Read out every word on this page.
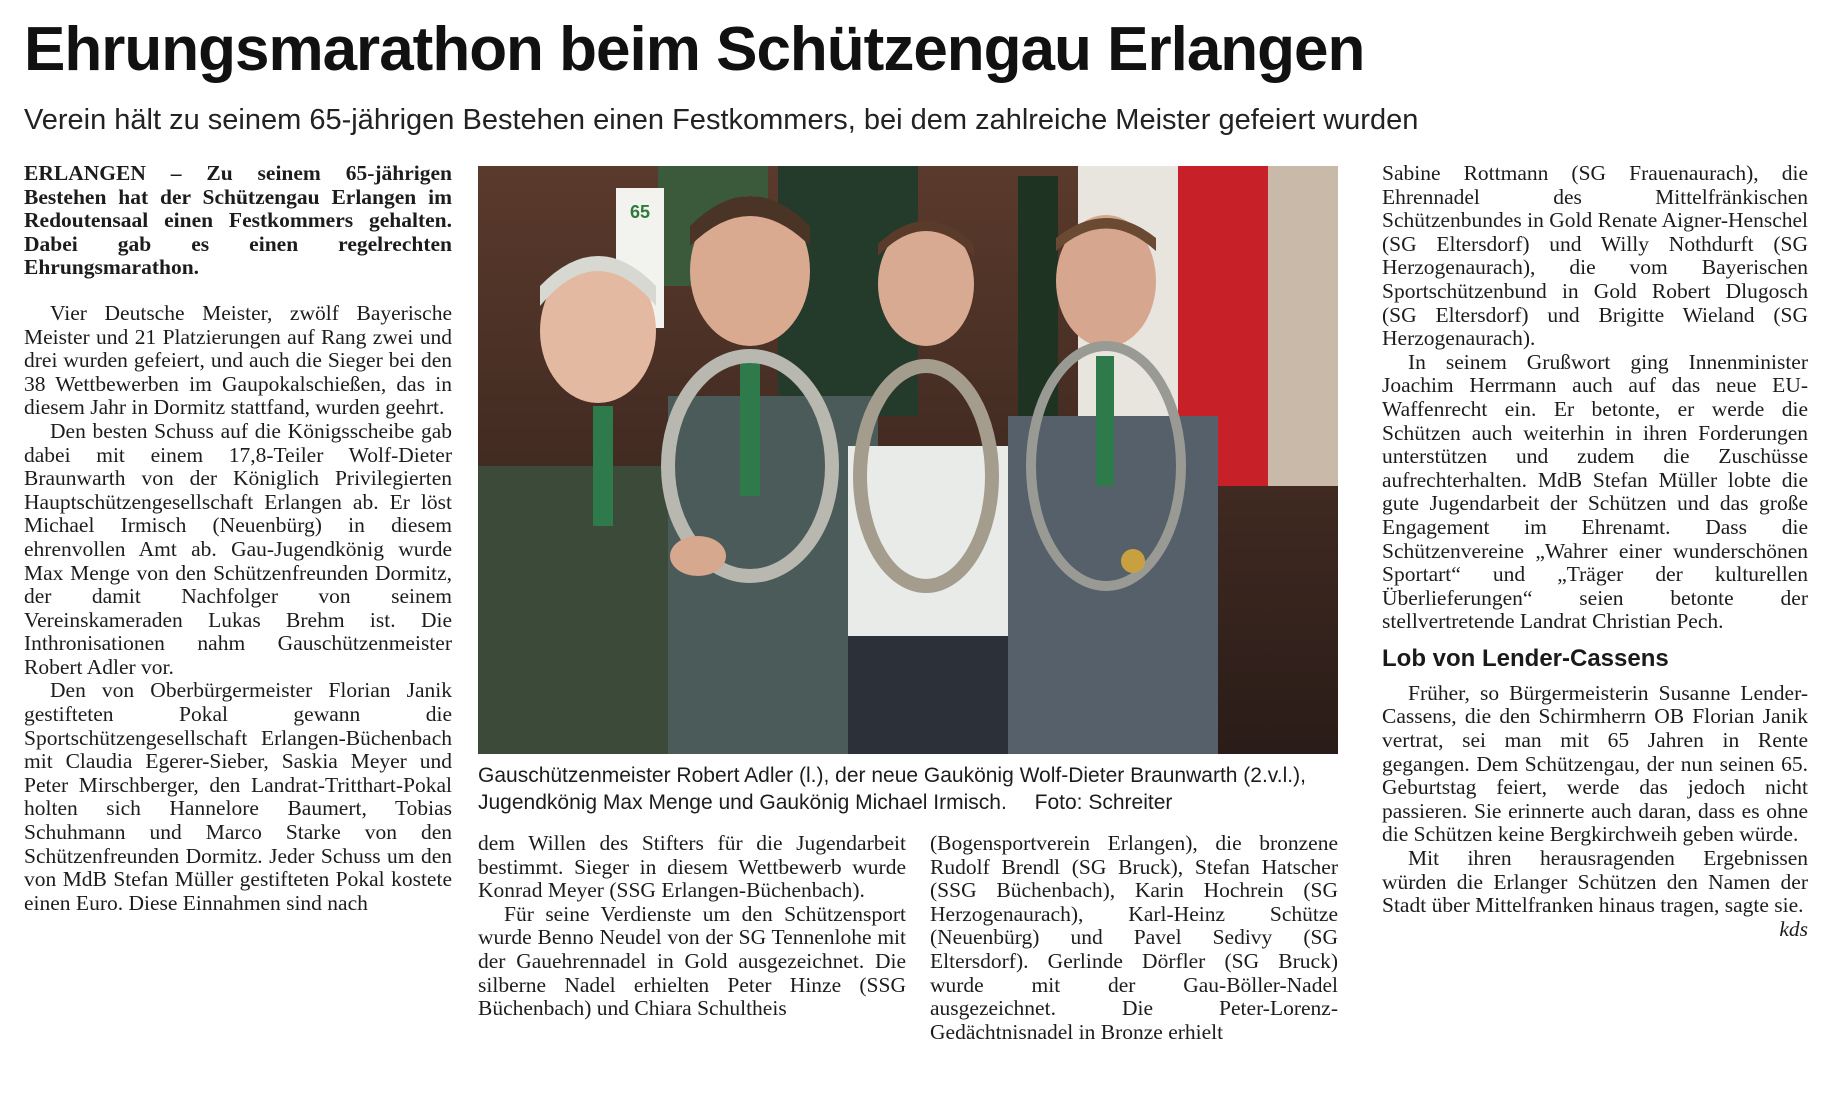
Ehrungsmarathon beim Schützengau Erlangen
Verein hält zu seinem 65-jährigen Bestehen einen Festkommers, bei dem zahlreiche Meister gefeiert wurden

ERLANGEN – Zu seinem 65-jährigen Bestehen hat der Schützengau Erlangen im Redoutensaal einen Festkommers gehalten. Dabei gab es einen regelrechten Ehrungsmarathon.

Vier Deutsche Meister, zwölf Bayerische Meister und 21 Platzierungen auf Rang zwei und drei wurden gefeiert, und auch die Sieger bei den 38 Wettbewerben im Gaupokalschießen, das in diesem Jahr in Dormitz stattfand, wurden geehrt.

Den besten Schuss auf die Königsscheibe gab dabei mit einem 17,8-Teiler Wolf-Dieter Braunwarth von der Königlich Privilegierten Hauptschützengesellschaft Erlangen ab. Er löst Michael Irmisch (Neuenbürg) in diesem ehrenvollen Amt ab. Gau-Jugendkönig wurde Max Menge von den Schützenfreunden Dormitz, der damit Nachfolger von seinem Vereinskameraden Lukas Brehm ist. Die Inthronisationen nahm Gauschützenmeister Robert Adler vor.

Den von Oberbürgermeister Florian Janik gestifteten Pokal gewann die Sportschützengesellschaft Erlangen-Büchenbach mit Claudia Egerer-Sieber, Saskia Meyer und Peter Mirschberger, den Landrat-Tritthart-Pokal holten sich Hannelore Baumert, Tobias Schuhmann und Marco Starke von den Schützenfreunden Dormitz. Jeder Schuss um den von MdB Stefan Müller gestifteten Pokal kostete einen Euro. Diese Einnahmen sind nach

65
Gauschützenmeister Robert Adler (l.), der neue Gaukönig Wolf-Dieter Braunwarth (2.v.l.), Jugendkönig Max Menge und Gaukönig Michael Irmisch. Foto: Schreiter

dem Willen des Stifters für die Jugendarbeit bestimmt. Sieger in diesem Wettbewerb wurde Konrad Meyer (SSG Erlangen-Büchenbach).

Für seine Verdienste um den Schützensport wurde Benno Neudel von der SG Tennenlohe mit der Gauehrennadel in Gold ausgezeichnet. Die silberne Nadel erhielten Peter Hinze (SSG Büchenbach) und Chiara Schultheis

(Bogensportverein Erlangen), die bronzene Rudolf Brendl (SG Bruck), Stefan Hatscher (SSG Büchenbach), Karin Hochrein (SG Herzogenaurach), Karl-Heinz Schütze (Neuenbürg) und Pavel Sedivy (SG Eltersdorf). Gerlinde Dörfler (SG Bruck) wurde mit der Gau-Böller-Nadel ausgezeichnet. Die Peter-Lorenz-Gedächtnisnadel in Bronze erhielt

Sabine Rottmann (SG Frauenaurach), die Ehrennadel des Mittelfränkischen Schützenbundes in Gold Renate Aigner-Henschel (SG Eltersdorf) und Willy Nothdurft (SG Herzogenaurach), die vom Bayerischen Sportschützenbund in Gold Robert Dlugosch (SG Eltersdorf) und Brigitte Wieland (SG Herzogenaurach).

In seinem Grußwort ging Innenminister Joachim Herrmann auch auf das neue EU-Waffenrecht ein. Er betonte, er werde die Schützen auch weiterhin in ihren Forderungen unterstützen und zudem die Zuschüsse aufrechterhalten. MdB Stefan Müller lobte die gute Jugendarbeit der Schützen und das große Engagement im Ehrenamt. Dass die Schützenvereine „Wahrer einer wunderschönen Sportart“ und „Träger der kulturellen Überlieferungen“ seien betonte der stellvertretende Landrat Christian Pech.

Lob von Lender-Cassens

Früher, so Bürgermeisterin Susanne Lender-Cassens, die den Schirmherrn OB Florian Janik vertrat, sei man mit 65 Jahren in Rente gegangen. Dem Schützengau, der nun seinen 65. Geburtstag feiert, werde das jedoch nicht passieren. Sie erinnerte auch daran, dass es ohne die Schützen keine Bergkirchweih geben würde.

Mit ihren herausragenden Ergebnissen würden die Erlanger Schützen den Namen der Stadt über Mittelfranken hinaus tragen, sagte sie.
kds
